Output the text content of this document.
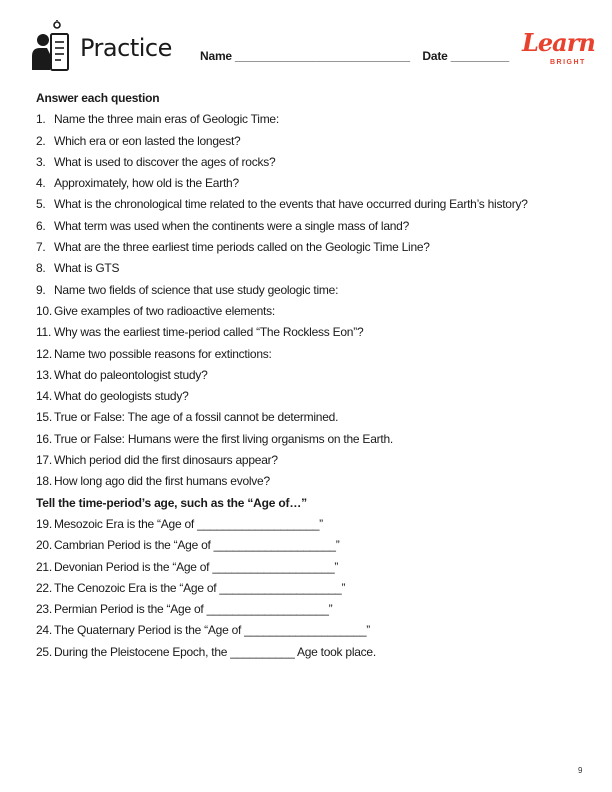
Practice Name ___________________________ Date _________ Learn
BRIGHT
Answer each question
1. Name the three main eras of Geologic Time:
2. Which era or eon lasted the longest?
3. What is used to discover the ages of rocks?
4. Approximately, how old is the Earth?
5. What is the chronological time related to the events that have occurred during Earth’s history?
6. What term was used when the continents were a single mass of land?
7. What are the three earliest time periods called on the Geologic Time Line?
8. What is GTS
9. Name two fields of science that use study geologic time:
10. Give examples of two radioactive elements:
11. Why was the earliest time-period called “The Rockless Eon”?
12. Name two possible reasons for extinctions:
13. What do paleontologist study?
14. What do geologists study?
15. True or False: The age of a fossil cannot be determined.
16. True or False: Humans were the first living organisms on the Earth.
17. Which period did the first dinosaurs appear?
18. How long ago did the first humans evolve?
Tell the time-period’s age, such as the “Age of…”
19. Mesozoic Era is the “Age of ___________________”
20. Cambrian Period is the “Age of ___________________”
21. Devonian Period is the “Age of ___________________”
22. The Cenozoic Era is the “Age of ___________________”
23. Permian Period is the “Age of ___________________”
24. The Quaternary Period is the “Age of ___________________”
25. During the Pleistocene Epoch, the __________ Age took place.
9
